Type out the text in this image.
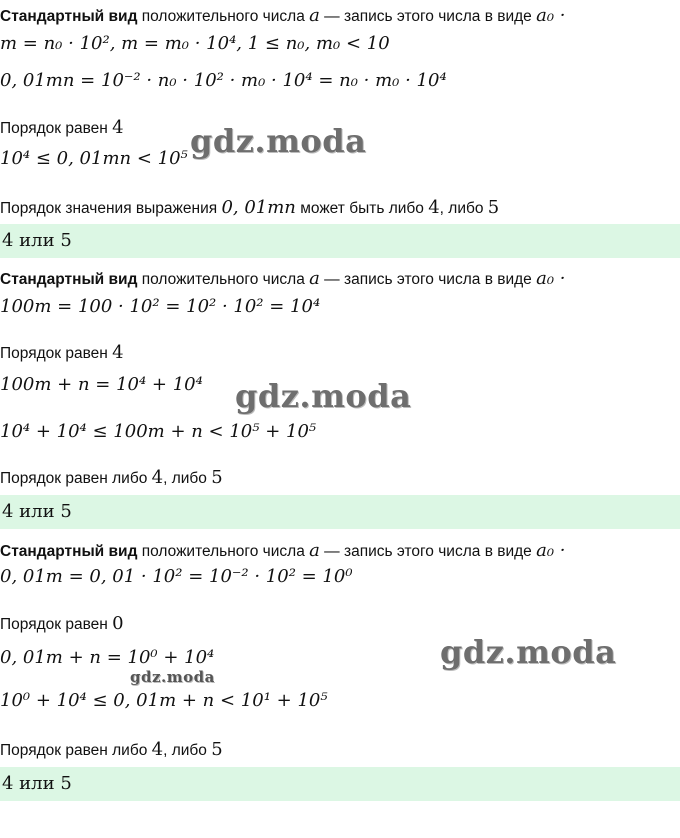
Стандартный вид положительного числа a — запись этого числа в виде a₀ ·
m = n₀ · 10², m = m₀ · 10⁴, 1 ≤ n₀, m₀ < 10
0, 01mn = 10⁻² · n₀ · 10² · m₀ · 10⁴ = n₀ · m₀ · 10⁴
Порядок равен 4
10⁴ ≤ 0, 01mn < 10⁵
Порядок значения выражения 0, 01mn может быть либо 4, либо 5
4 или 5
Стандартный вид положительного числа a — запись этого числа в виде a₀ ·
100m = 100 · 10² = 10² · 10² = 10⁴
Порядок равен 4
100m + n = 10⁴ + 10⁴
10⁴ + 10⁴ ≤ 100m + n < 10⁵ + 10⁵
Порядок равен либо 4, либо 5
4 или 5
Стандартный вид положительного числа a — запись этого числа в виде a₀ ·
0, 01m = 0, 01 · 10² = 10⁻² · 10² = 10⁰
Порядок равен 0
0, 01m + n = 10⁰ + 10⁴
10⁰ + 10⁴ ≤ 0, 01m + n < 10¹ + 10⁵
Порядок равен либо 4, либо 5
4 или 5
gdz.moda
gdz.moda
gdz.moda
gdz.moda
